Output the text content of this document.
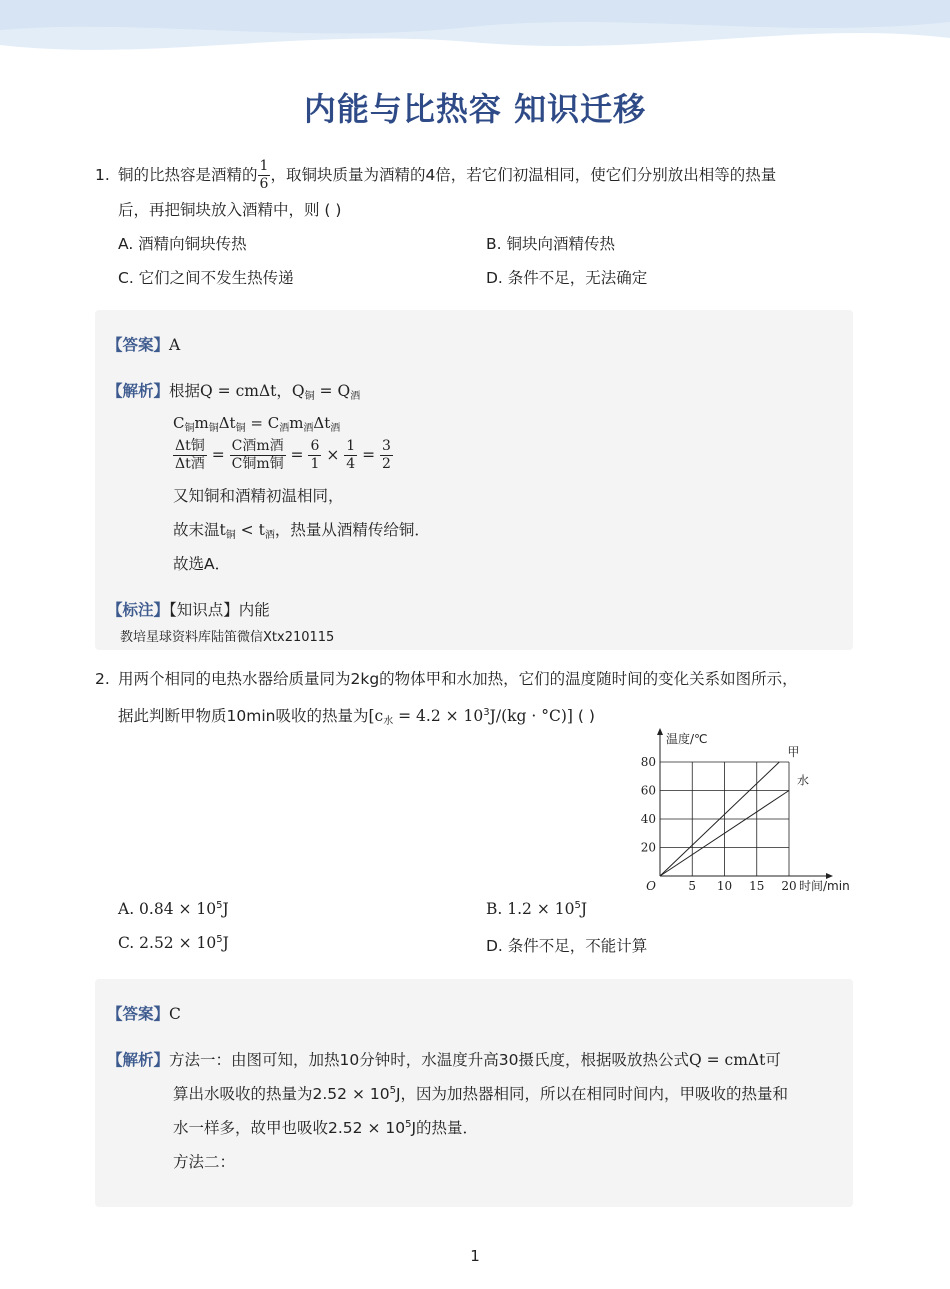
内能与比热容 知识迁移
1. 铜的比热容是酒精的 $\frac{1}{6}$ ，取铜块质量为酒精的4倍，若它们初温相同，使它们分别放出相等的热量
后，再把铜块放入酒精中，则 ( )
A. 酒精向铜块传热	B. 铜块向酒精传热
C. 它们之间不发生热传递	D. 条件不足，无法确定
【答案】A
【解析】根据Q = cmΔt，$Q_铜 = Q_酒$
$C_铜m_铜\Delta t_铜 = C_酒m_酒\Delta t_酒$
$\frac{\text{Δt铜}}{\text{Δt酒}} = \frac{\text{C酒m酒}}{\text{C铜m铜}} = \frac{6}{1} \times \frac{1}{4} = \frac{3}{2}$
又知铜和酒精初温相同，
故末温$t_铜 < t_酒$，热量从酒精传给铜．
故选A．
【标注】【知识点】内能
教培星球资料库陆笛微信Xtx210115
2. 用两个相同的电热水器给质量同为2kg的物体甲和水加热，它们的温度随时间的变化关系如图所示，
据此判断甲物质10min吸收的热量为$[c_水 = 4.2 \times 10^3J/(kg \cdot ^\circ C)]$ ( )
甲
水
5 10 15 20
20
40
60
80
O
温度/℃
时间/min
A. $0.84 \times 10^5J$	B. $1.2 \times 10^5J$
C. $2.52 \times 10^5J$	D. 条件不足，不能计算
【答案】C
【解析】方法一：由图可知，加热10分钟时，水温度升高30摄氏度，根据吸放热公式Q = cmΔt可
算出水吸收的热量为$2.52 \times 10^5J$，因为加热器相同，所以在相同时间内，甲吸收的热量和
水一样多，故甲也吸收$2.52 \times 10^5J$的热量．
方法二：
1
